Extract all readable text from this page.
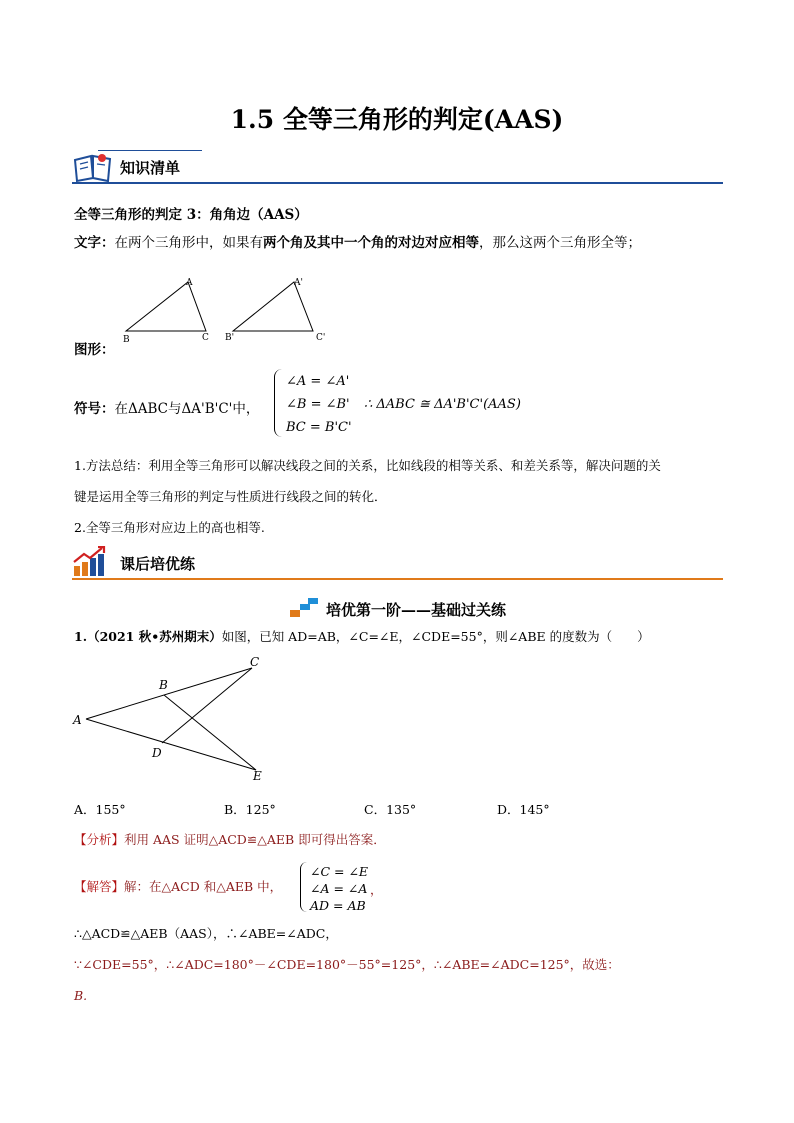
1.5 全等三角形的判定(AAS)
知识清单
全等三角形的判定 3：角角边（AAS）
文字：在两个三角形中，如果有两个角及其中一个角的对边对应相等，那么这两个三角形全等；
A
B	C
A'
B'	C'
图形：
符号：在ΔABC与ΔA'B'C'中，
∠A = ∠A'
∠B = ∠B'
BC = B'C'
∴ ΔABC ≅ ΔA'B'C'(AAS)
1.方法总结：利用全等三角形可以解决线段之间的关系，比如线段的相等关系、和差关系等，解决问题的关
键是运用全等三角形的判定与性质进行线段之间的转化．
2.全等三角形对应边上的高也相等.
课后培优练
培优第一阶——基础过关练
1.（2021 秋•苏州期末）如图，已知 AD=AB，∠C=∠E，∠CDE=55°，则∠ABE 的度数为（　　）
A
B
C
D
E
A．155°	B．125°	C．135°	D．145°
【分析】利用 AAS 证明△ACD≌△AEB 即可得出答案．
【解答】解：在△ACD 和△AEB 中，
∠C = ∠E
∠A = ∠A
AD = AB
，
∴△ACD≌△AEB（AAS），∴∠ABE=∠ADC，
∵∠CDE=55°，∴∠ADC=180°－∠CDE=180°－55°=125°，∴∠ABE=∠ADC=125°，故选：
B.
